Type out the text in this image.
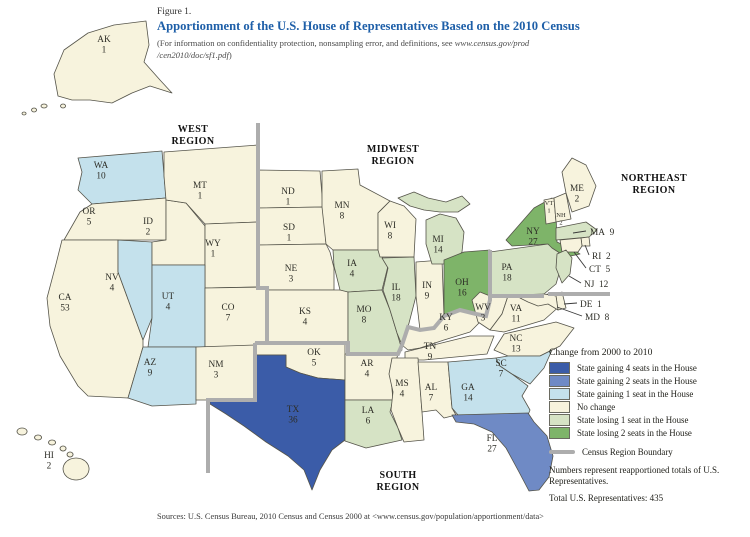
AK 1
HI 2
WA 10
OR 5
CA 53
NV 4
ID 2
MT 1
WY 1
UT 4	CO 7
AZ 9
NM 3
ND 1
SD 1
NE 3
KS 4
OK 5
TX 36
MN 8
IA 4
MO 8
AR 4
LA 6
WI 8
IL 18
IN 9
MI 14
OH 16
KY 6
TN 9
MS 4
AL 7
GA 14
FL 27
WV 3
VA 11
NC 13
SC 7
PA 18
NY 27
VT 1
NH 2
ME 2
MA 9
RI 2
CT 5
NJ 12
DE 1
MD 8
WEST REGION
MIDWEST REGION
NORTHEAST REGION
SOUTH REGION
Figure 1.
Apportionment of the U.S. House of Representatives Based on the 2010 Census
(For information on confidentiality protection, nonsampling error, and definitions, see www.census.gov/prod
/cen2010/doc/sf1.pdf)
Change from 2000 to 2010
State gaining 4 seats in the House
State gaining 2 seats in the House
State gaining 1 seat in the House
No change
State losing 1 seat in the House
State losing 2 seats in the House
Census Region Boundary
Numbers represent reapportioned totals of U.S. Representatives.
Total U.S. Representatives: 435
Sources: U.S. Census Bureau, 2010 Census and Census 2000 at <www.census.gov/population/apportionment/data>
